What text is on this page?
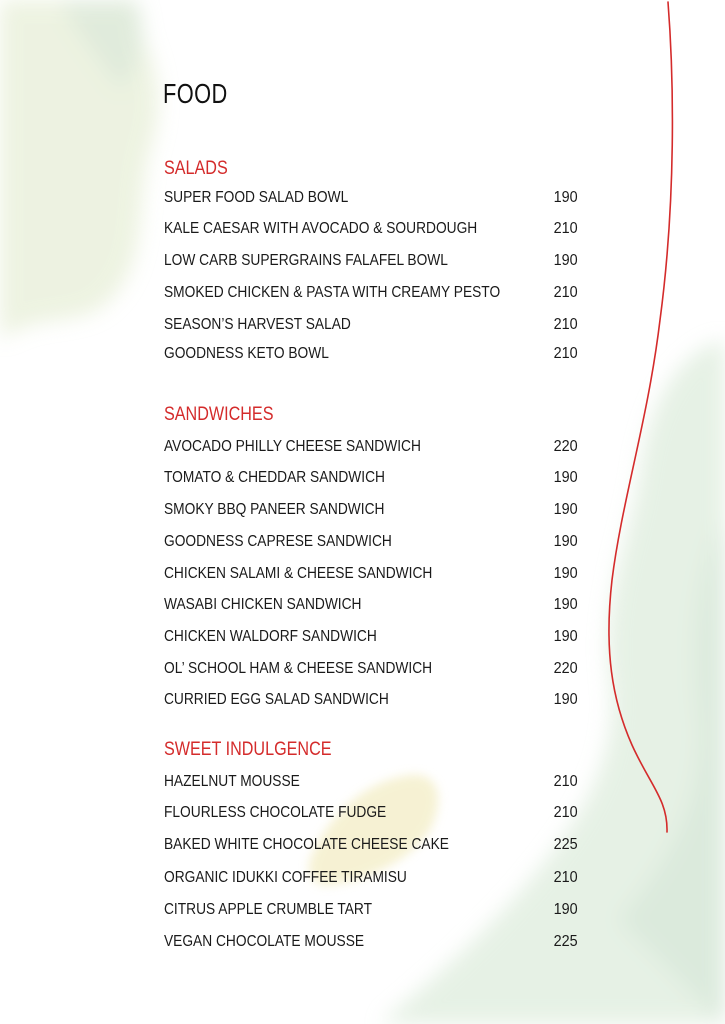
FOOD
SALADS
SUPER FOOD SALAD BOWL	190
KALE CAESAR WITH AVOCADO & SOURDOUGH	210
LOW CARB SUPERGRAINS FALAFEL BOWL	190
SMOKED CHICKEN & PASTA WITH CREAMY PESTO	210
SEASON’S HARVEST SALAD	210
GOODNESS KETO BOWL	210
SANDWICHES
AVOCADO PHILLY CHEESE SANDWICH	220
TOMATO & CHEDDAR SANDWICH	190
SMOKY BBQ PANEER SANDWICH	190
GOODNESS CAPRESE SANDWICH	190
CHICKEN SALAMI & CHEESE SANDWICH	190
WASABI CHICKEN SANDWICH	190
CHICKEN WALDORF SANDWICH	190
OL’ SCHOOL HAM & CHEESE SANDWICH	220
CURRIED EGG SALAD SANDWICH	190
SWEET INDULGENCE
HAZELNUT MOUSSE	210
FLOURLESS CHOCOLATE FUDGE	210
BAKED WHITE CHOCOLATE CHEESE CAKE	225
ORGANIC IDUKKI COFFEE TIRAMISU	210
CITRUS APPLE CRUMBLE TART	190
VEGAN CHOCOLATE MOUSSE	225
